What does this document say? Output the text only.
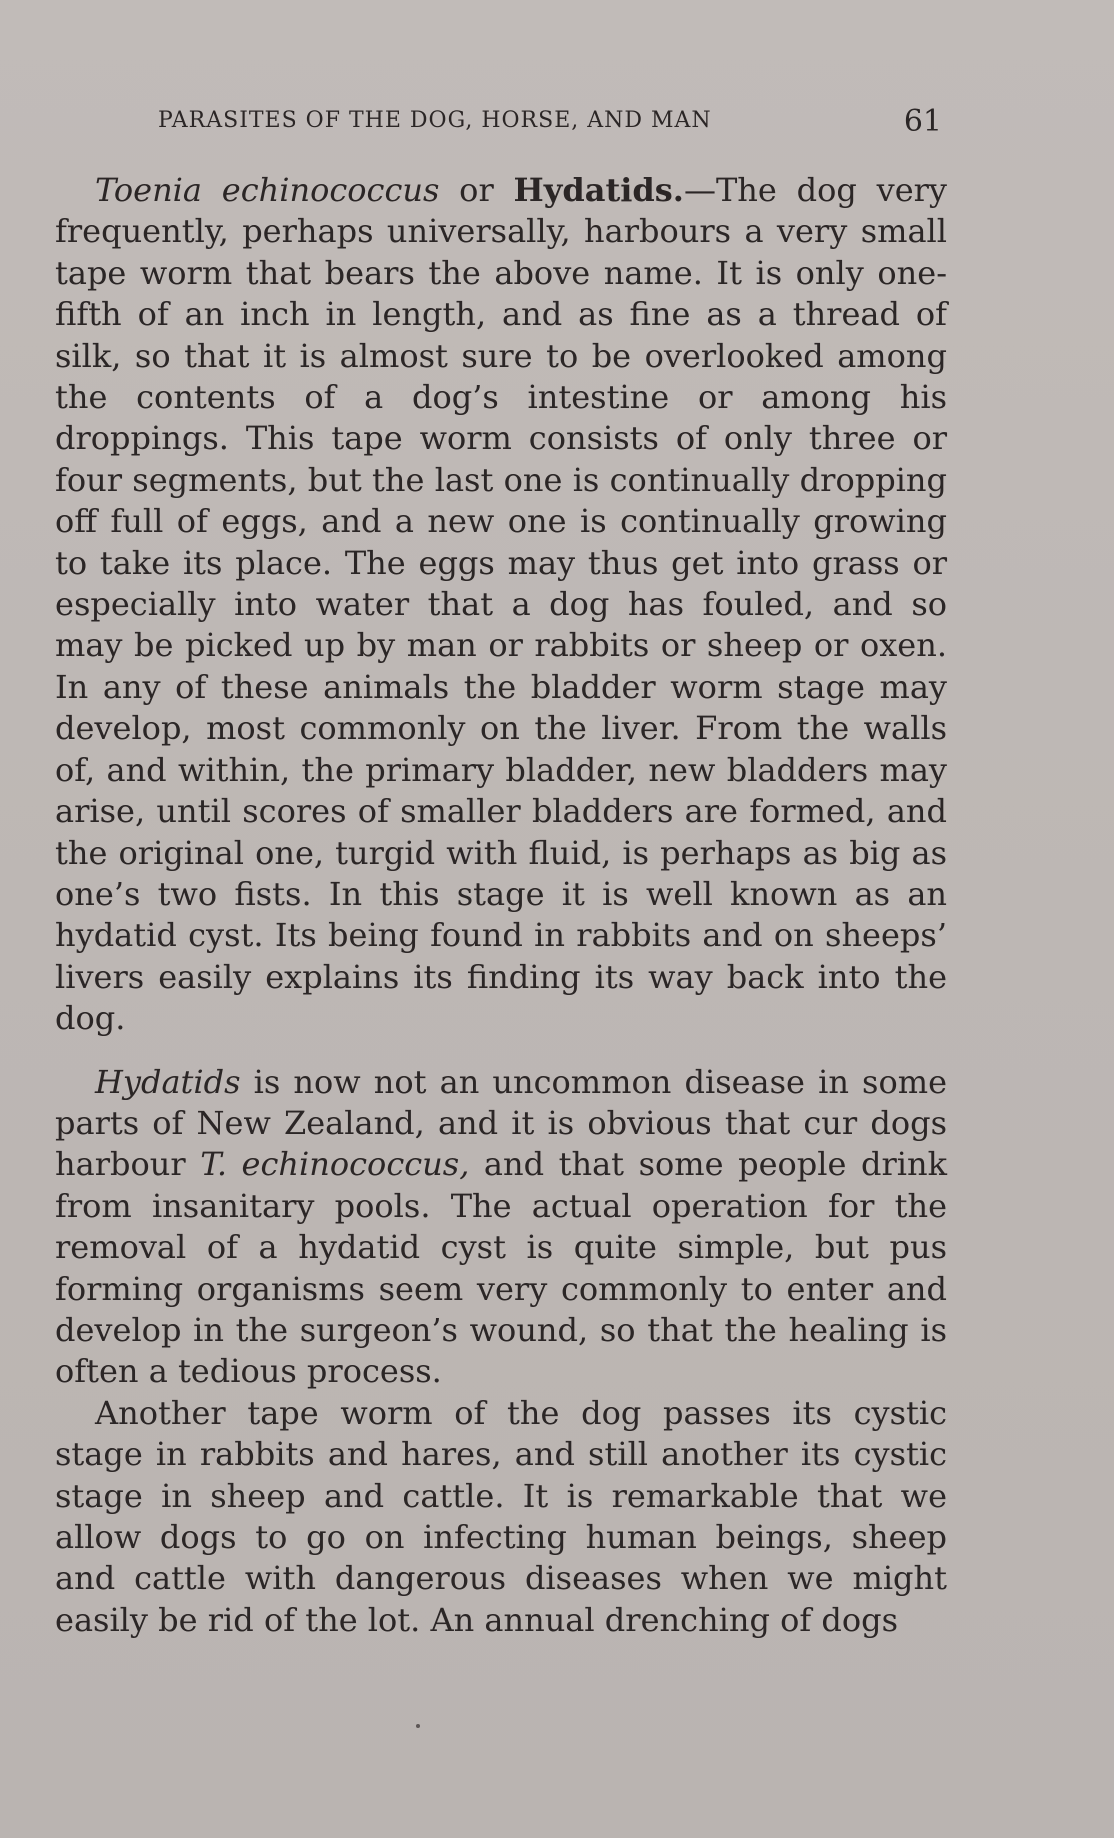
PARASITES OF THE DOG, HORSE, AND MAN	61

Toenia echinococcus or Hydatids.—The dog very frequently, perhaps universally, harbours a very small tape worm that bears the above name. It is only one-fifth of an inch in length, and as fine as a thread of silk, so that it is almost sure to be overlooked among the contents of a dog’s intestine or among his droppings. This tape worm consists of only three or four segments, but the last one is continually dropping off full of eggs, and a new one is continually growing to take its place. The eggs may thus get into grass or especially into water that a dog has fouled, and so may be picked up by man or rabbits or sheep or oxen. In any of these animals the bladder worm stage may develop, most commonly on the liver. From the walls of, and within, the primary bladder, new bladders may arise, until scores of smaller bladders are formed, and the original one, turgid with fluid, is perhaps as big as one’s two fists. In this stage it is well known as an hydatid cyst. Its being found in rabbits and on sheeps’ livers easily explains its finding its way back into the dog.

Hydatids is now not an uncommon disease in some parts of New Zealand, and it is obvious that cur dogs harbour T. echinococcus, and that some people drink from insanitary pools. The actual operation for the removal of a hydatid cyst is quite simple, but pus forming organisms seem very commonly to enter and develop in the surgeon’s wound, so that the healing is often a tedious process.

Another tape worm of the dog passes its cystic stage in rabbits and hares, and still another its cystic stage in sheep and cattle. It is remarkable that we allow dogs to go on infecting human beings, sheep and cattle with dangerous diseases when we might easily be rid of the lot. An annual drenching of dogs
